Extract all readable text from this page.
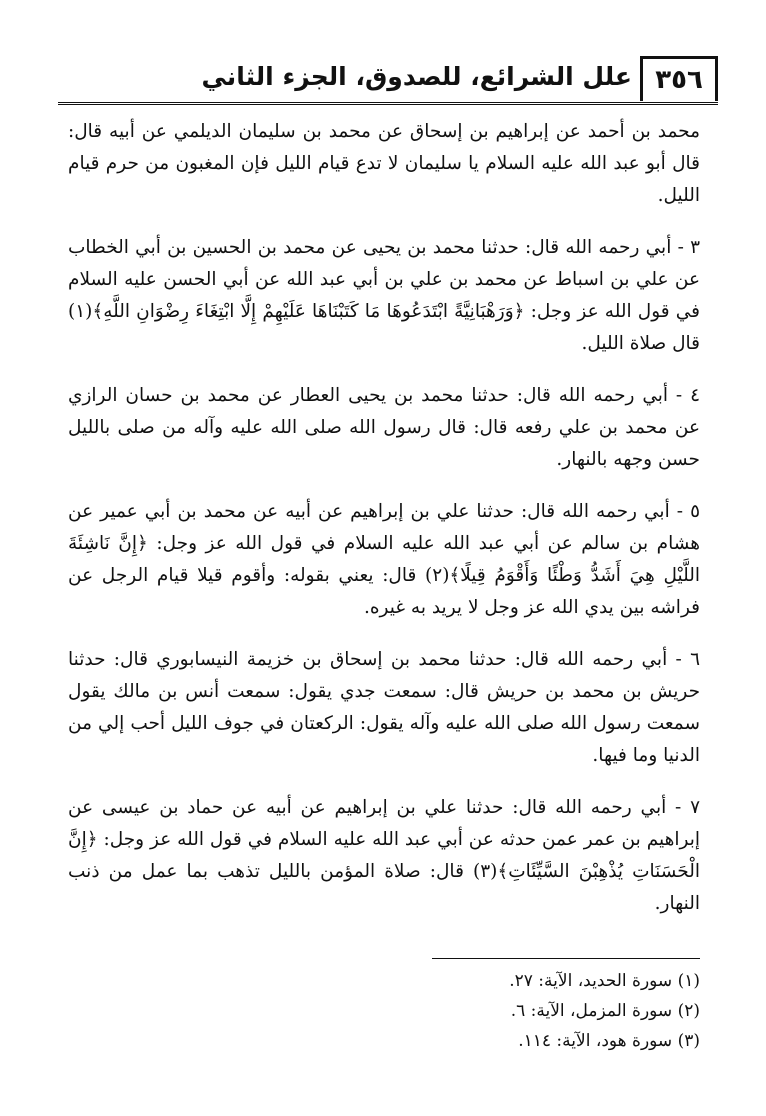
٣٥٦
علل الشرائع، للصدوق، الجزء الثاني

محمد بن أحمد عن إبراهيم بن إسحاق عن محمد بن سليمان الديلمي عن أبيه قال: قال أبو عبد الله عليه السلام يا سليمان لا تدع قيام الليل فإن المغبون من حرم قيام الليل.

٣ - أبي رحمه الله قال: حدثنا محمد بن يحيى عن محمد بن الحسين بن أبي الخطاب عن علي بن اسباط عن محمد بن علي بن أبي عبد الله عن أبي الحسن عليه السلام في قول الله عز وجل: ﴿وَرَهْبَانِيَّةً ابْتَدَعُوهَا مَا كَتَبْنَاهَا عَلَيْهِمْ إِلَّا ابْتِغَاءَ رِضْوَانِ اللَّهِ﴾(١) قال صلاة الليل.

٤ - أبي رحمه الله قال: حدثنا محمد بن يحيى العطار عن محمد بن حسان الرازي عن محمد بن علي رفعه قال: قال رسول الله صلى الله عليه وآله من صلى بالليل حسن وجهه بالنهار.

٥ - أبي رحمه الله قال: حدثنا علي بن إبراهيم عن أبيه عن محمد بن أبي عمير عن هشام بن سالم عن أبي عبد الله عليه السلام في قول الله عز وجل: ﴿إِنَّ نَاشِئَةَ اللَّيْلِ هِيَ أَشَدُّ وَطْئًا وَأَقْوَمُ قِيلًا﴾(٢) قال: يعني بقوله: وأقوم قيلا قيام الرجل عن فراشه بين يدي الله عز وجل لا يريد به غيره.

٦ - أبي رحمه الله قال: حدثنا محمد بن إسحاق بن خزيمة النيسابوري قال: حدثنا حريش بن محمد بن حريش قال: سمعت جدي يقول: سمعت أنس بن مالك يقول سمعت رسول الله صلى الله عليه وآله يقول: الركعتان في جوف الليل أحب إلي من الدنيا وما فيها.

٧ - أبي رحمه الله قال: حدثنا علي بن إبراهيم عن أبيه عن حماد بن عيسى عن إبراهيم بن عمر عمن حدثه عن أبي عبد الله عليه السلام في قول الله عز وجل: ﴿إِنَّ الْحَسَنَاتِ يُذْهِبْنَ السَّيِّئَاتِ﴾(٣) قال: صلاة المؤمن بالليل تذهب بما عمل من ذنب النهار.

(١) سورة الحديد، الآية: ٢٧.

(٢) سورة المزمل، الآية: ٦.

(٣) سورة هود، الآية: ١١٤.
